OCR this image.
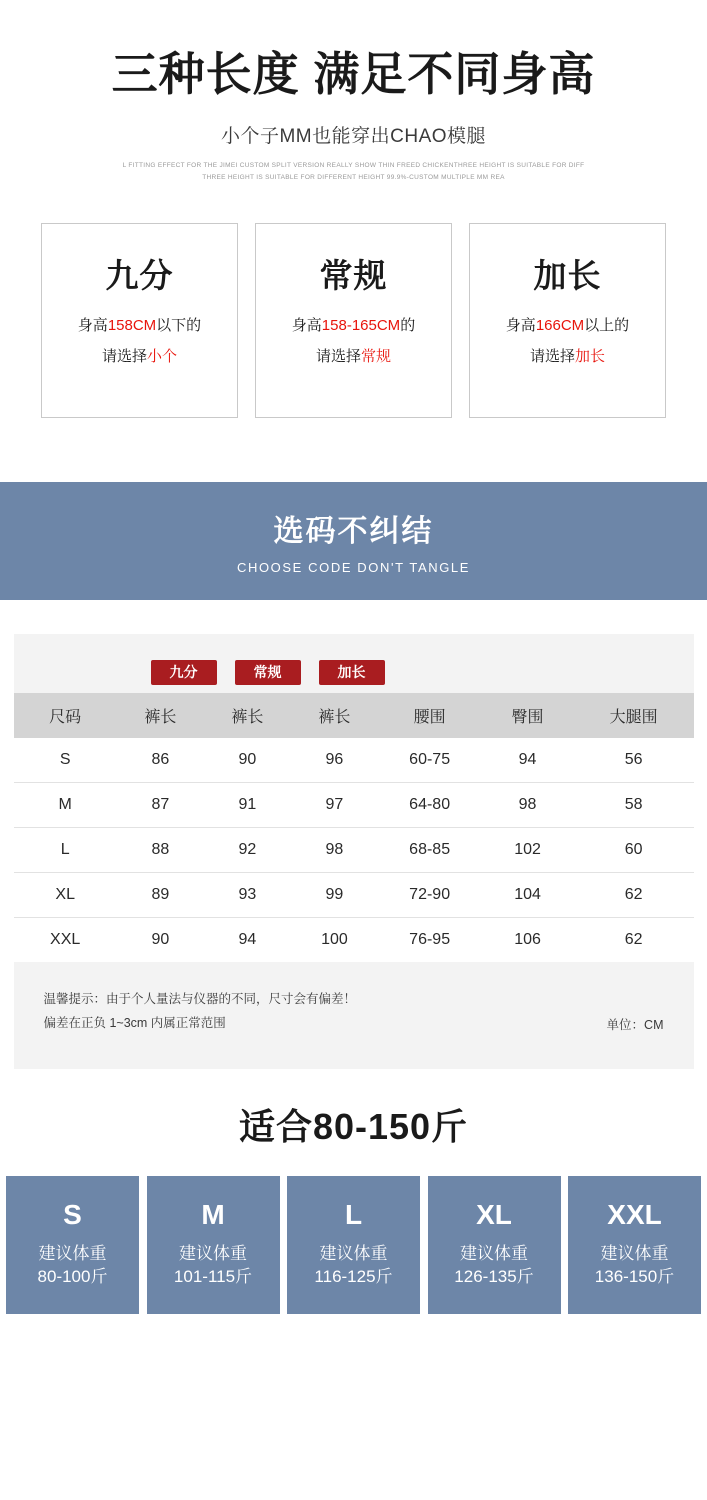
三种长度 满足不同身高
小个子MM也能穿出CHAO模腿
L FITTING EFFECT FOR THE JIMEI CUSTOM SPLIT VERSION REALLY SHOW THIN FREED CHICKENTHREE HEIGHT IS SUITABLE FOR DIFF
THREE HEIGHT IS SUITABLE FOR DIFFERENT HEIGHT 99.9%-CUSTOM MULTIPLE MM REA
九分
身高158CM以下的
请选择小个
常规
身高158-165CM的
请选择常规
加长
身高166CM以上的
请选择加长
选码不纠结
CHOOSE CODE DON'T TANGLE
九分	常规	加长
尺码	裤长	裤长	裤长	腰围	臀围	大腿围
S	86	90	96	60-75	94	56
M	87	91	97	64-80	98	58
L	88	92	98	68-85	102	60
XL	89	93	99	72-90	104	62
XXL	90	94	100	76-95	106	62
温馨提示：由于个人量法与仪器的不同，尺寸会有偏差！
偏差在正负 1~3cm 内属正常范围	单位：CM
适合80-150斤
S
建议体重
80-100斤
M
建议体重
101-115斤
L
建议体重
116-125斤
XL
建议体重
126-135斤
XXL
建议体重
136-150斤
